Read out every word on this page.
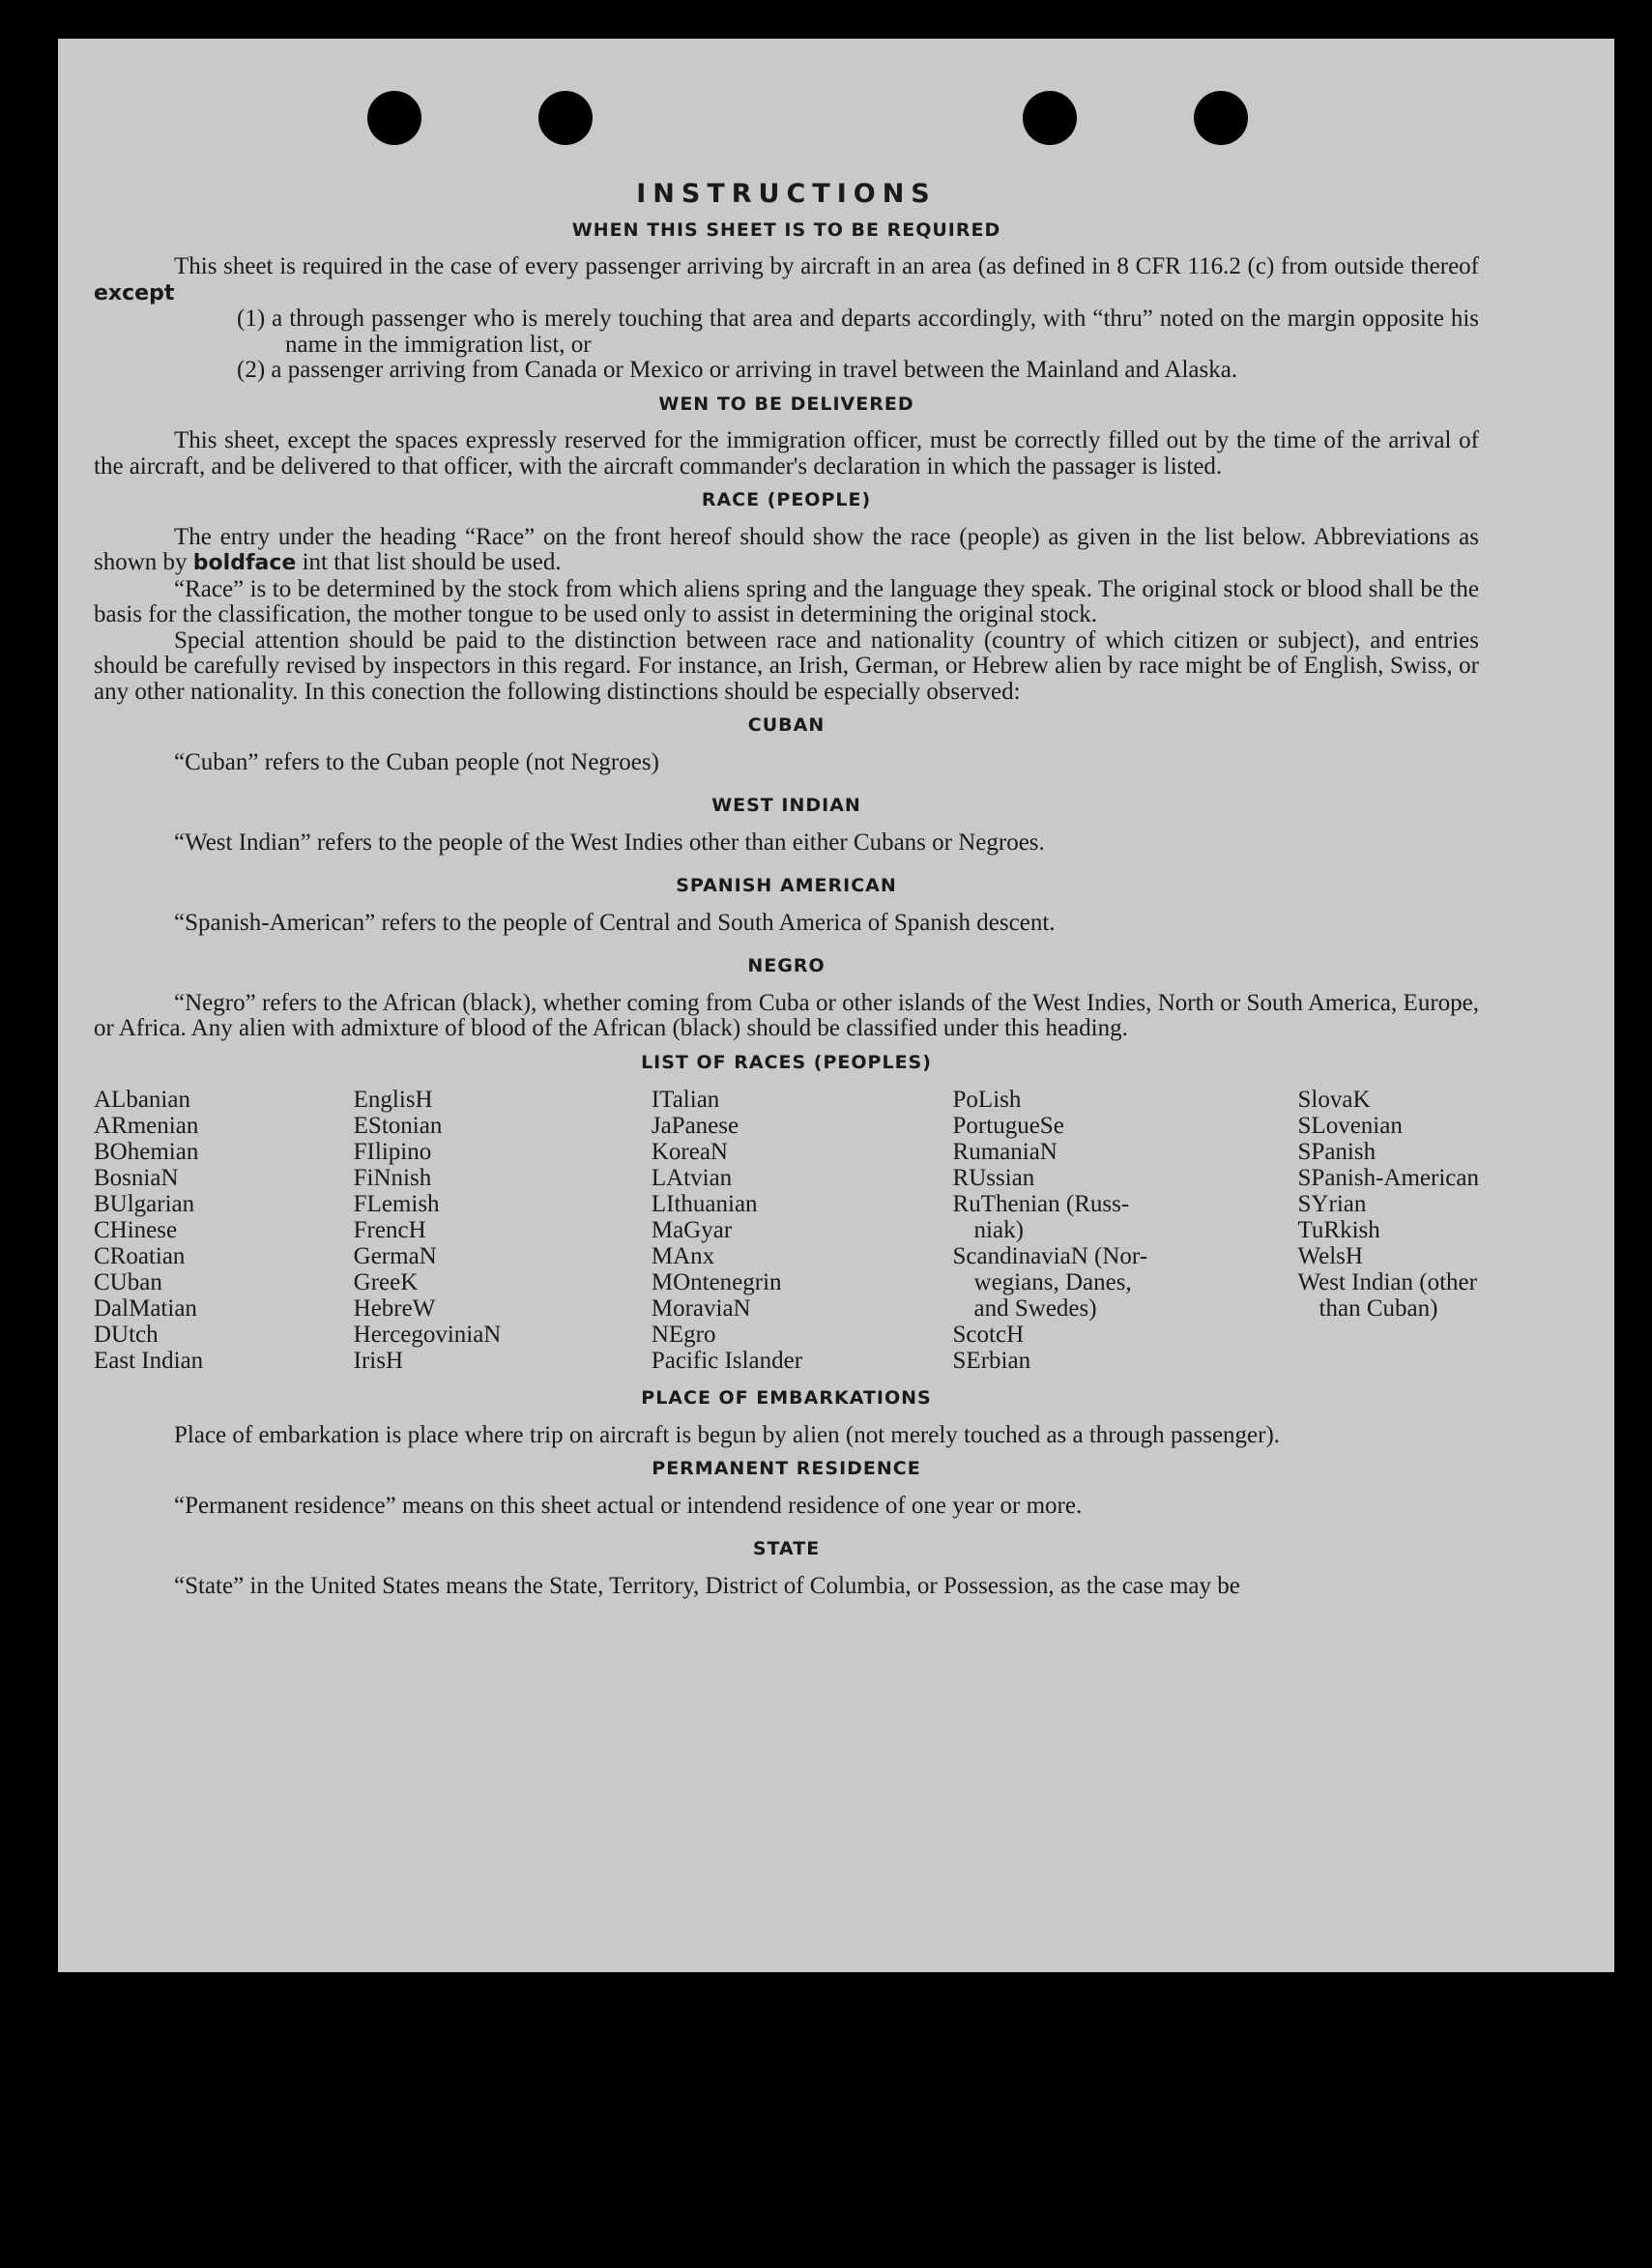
INSTRUCTIONS
WHEN THIS SHEET IS TO BE REQUIRED

This sheet is required in the case of every passenger arriving by aircraft in an area (as defined in 8 CFR 116.2 (c) from outside thereof except

(1) a through passenger who is merely touching that area and departs accordingly, with “thru” noted on the margin opposite his name in the immigration list, or

(2) a passenger arriving from Canada or Mexico or arriving in travel between the Mainland and Alaska.

WEN TO BE DELIVERED

This sheet, except the spaces expressly reserved for the immigration officer, must be correctly filled out by the time of the arrival of the aircraft, and be delivered to that officer, with the aircraft commander's declaration in which the passager is listed.

RACE (PEOPLE)

The entry under the heading “Race” on the front hereof should show the race (people) as given in the list below. Abbreviations as shown by boldface int that list should be used.

“Race” is to be determined by the stock from which aliens spring and the language they speak. The original stock or blood shall be the basis for the classification, the mother tongue to be used only to assist in determining the original stock.

Special attention should be paid to the distinction between race and nationality (country of which citizen or subject), and entries should be carefully revised by inspectors in this regard. For instance, an Irish, German, or Hebrew alien by race might be of English, Swiss, or any other nationality. In this conection the following distinctions should be especially observed:

CUBAN

“Cuban” refers to the Cuban people (not Negroes)

WEST INDIAN

“West Indian” refers to the people of the West Indies other than either Cubans or Negroes.

SPANISH AMERICAN

“Spanish-American” refers to the people of Central and South America of Spanish descent.

NEGRO

“Negro” refers to the African (black), whether coming from Cuba or other islands of the West Indies, North or South America, Europe, or Africa. Any alien with admixture of blood of the African (black) should be classified under this heading.

LIST OF RACES (PEOPLES)
ALbanian
ARmenian
BOhemian
BosniaN
BUlgarian
CHinese
CRoatian
CUban
DalMatian
DUtch
East Indian
EnglisH
EStonian
FIlipino
FiNnish
FLemish
FrencH
GermaN
GreeK
HebreW
HercegoviniaN
IrisH
ITalian
JaPanese
KoreaN
LAtvian
LIthuanian
MaGyar
MAnx
MOntenegrin
MoraviaN
NEgro
Pacific Islander
PoLish
PortugueSe
RumaniaN
RUssian
RuThenian (Russ-
niak)
ScandinaviaN (Nor-
wegians, Danes,
and Swedes)
ScotcH
SErbian
SlovaK
SLovenian
SPanish
SPanish-American
SYrian
TuRkish
WelsH
West Indian (other
than Cuban)
PLACE OF EMBARKATIONS

Place of embarkation is place where trip on aircraft is begun by alien (not merely touched as a through passenger).

PERMANENT RESIDENCE

“Permanent residence” means on this sheet actual or intendend residence of one year or more.

STATE

“State” in the United States means the State, Territory, District of Columbia, or Possession, as the case may be
